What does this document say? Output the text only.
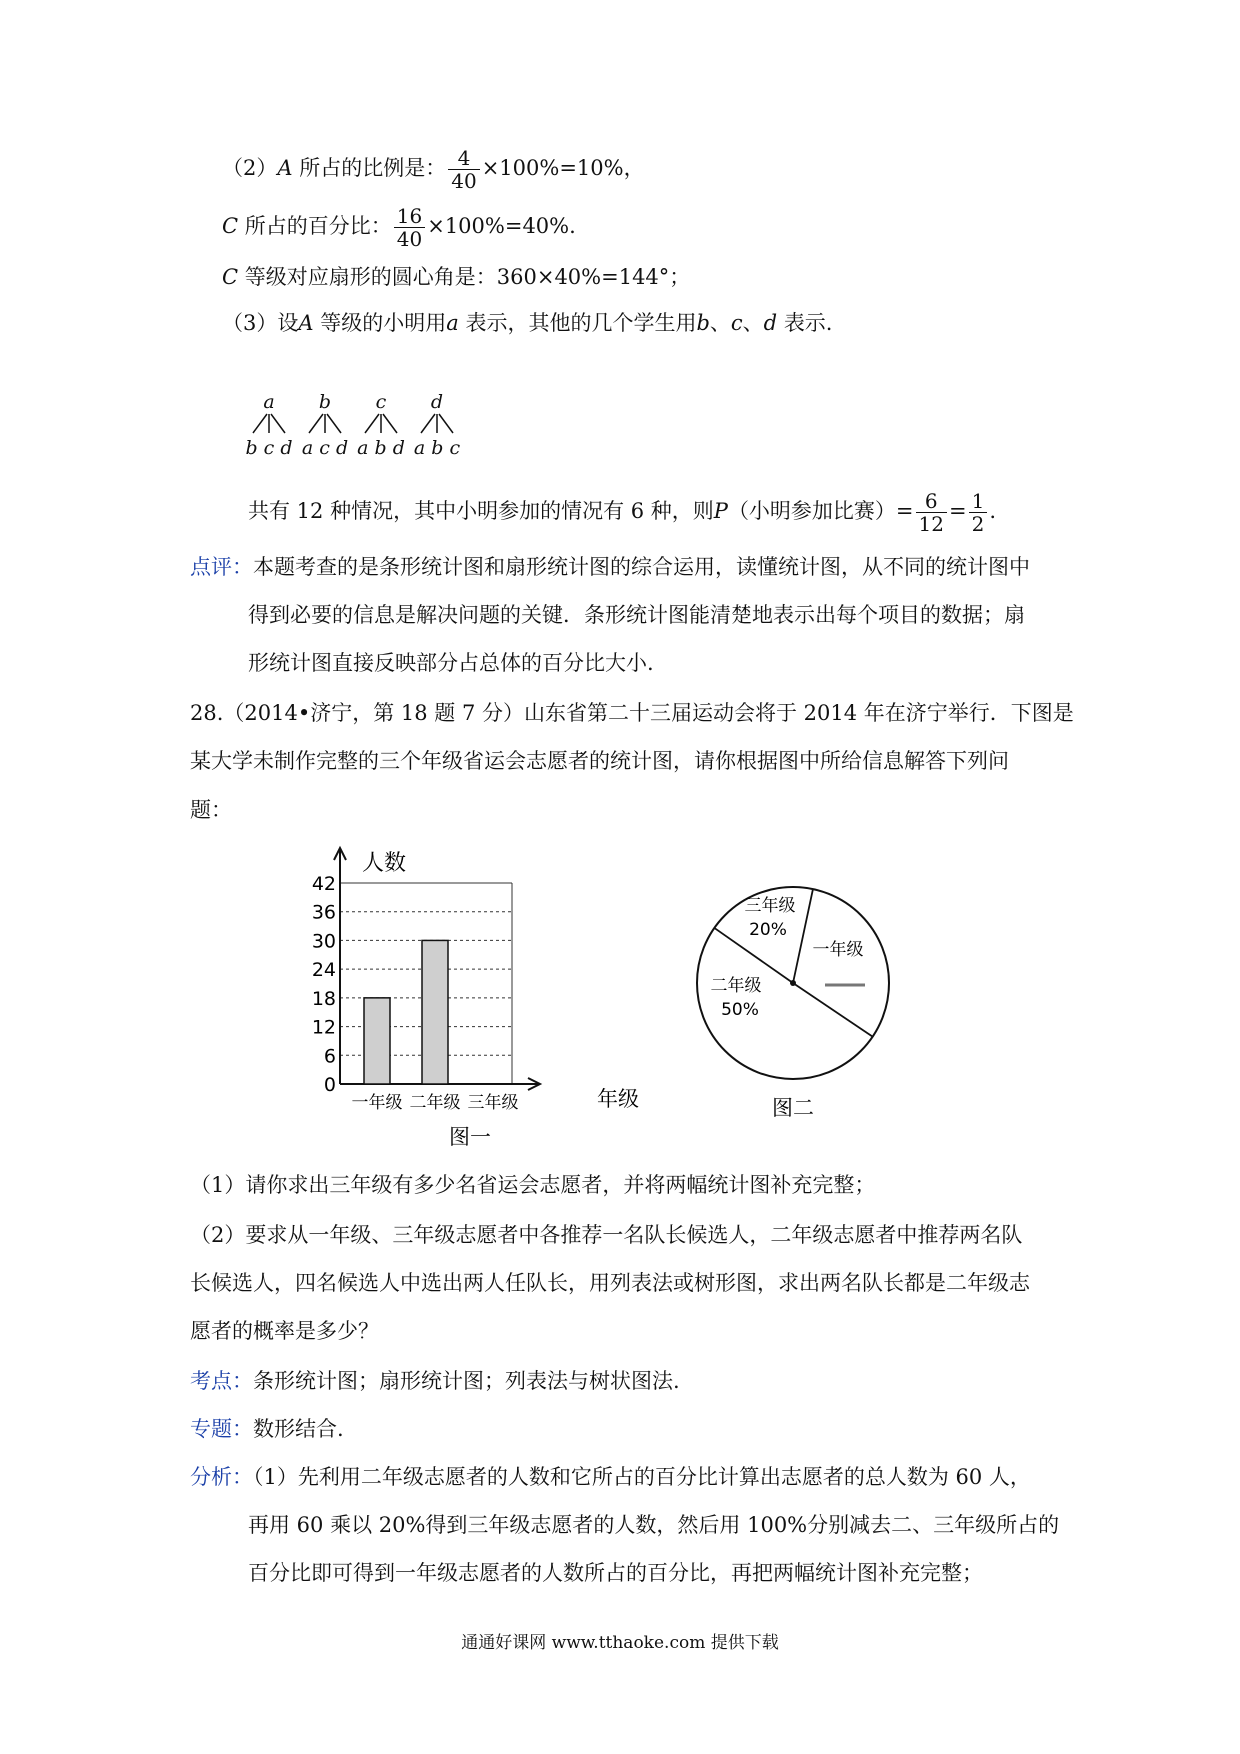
（2）A 所占的比例是： $\frac{4}{40} \times 100\%=10\%$，
C 所占的百分比： $\frac{16}{40} \times 100\%=40\%$.
C 等级对应扇形的圆心角是：360×40%=144°；
（3）设A 等级的小明用a 表示，其他的几个学生用b、c、d 表示.
a
b c d
b
a c d
c
a b d
d
a b c
共有 12 种情况，其中小明参加的情况有 6 种，则P（小明参加比赛）= $\frac{6}{12} = \frac{1}{2}$ .
点评：本题考查的是条形统计图和扇形统计图的综合运用，读懂统计图，从不同的统计图中
得到必要的信息是解决问题的关键．条形统计图能清楚地表示出每个项目的数据；扇
形统计图直接反映部分占总体的百分比大小.
28.（2014•济宁，第 18 题 7 分）山东省第二十三届运动会将于 2014 年在济宁举行．下图是
某大学未制作完整的三个年级省运会志愿者的统计图，请你根据图中所给信息解答下列问
题：
人数
年级
图一
0
6
12
18
24
30
36
42
一年级 二年级 三年级
三年级
20%
一年级
二年级
50%
图二
（1）请你求出三年级有多少名省运会志愿者，并将两幅统计图补充完整；
（2）要求从一年级、三年级志愿者中各推荐一名队长候选人，二年级志愿者中推荐两名队
长候选人，四名候选人中选出两人任队长，用列表法或树形图，求出两名队长都是二年级志
愿者的概率是多少？
考点：条形统计图；扇形统计图；列表法与树状图法.
专题：数形结合.
分析：（1）先利用二年级志愿者的人数和它所占的百分比计算出志愿者的总人数为 60 人，
再用 60 乘以 20%得到三年级志愿者的人数，然后用 100%分别减去二、三年级所占的
百分比即可得到一年级志愿者的人数所占的百分比，再把两幅统计图补充完整；
通通好课网 www.tthaoke.com 提供下载
